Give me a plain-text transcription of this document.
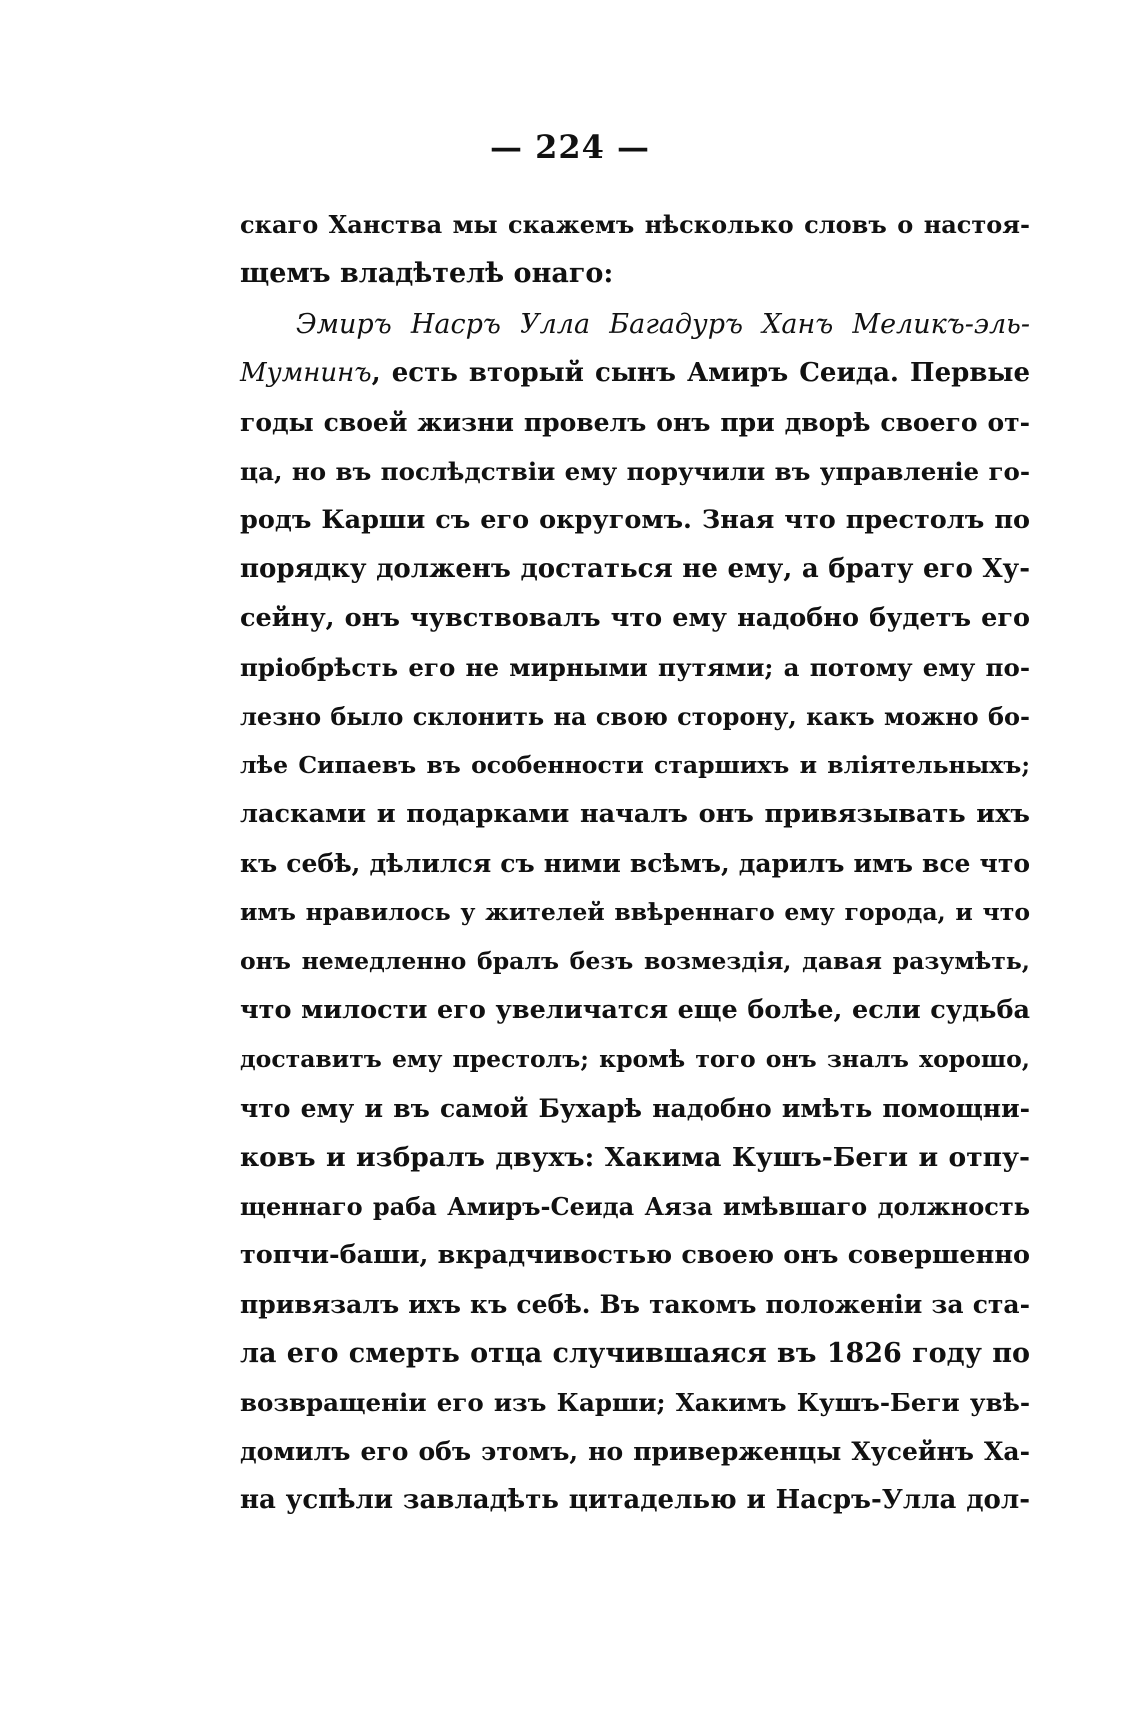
— 224 —
скаго Ханства мы скажемъ нѣсколько словъ о настоя-
щемъ владѣтелѣ онаго:
Эмиръ Насръ Улла Багадуръ Ханъ Меликъ-эль-
Мумнинъ, есть вторый сынъ Амиръ Сеида. Первые
годы своей жизни провелъ онъ при дворѣ своего от-
ца, но въ послѣдствіи ему поручили въ управленіе го-
родъ Карши съ его округомъ. Зная что престолъ по
порядку долженъ достаться не ему, а брату его Ху-
сейну, онъ чувствовалъ что ему надобно будетъ его
пріобрѣсть его не мирными путями; а потому ему по-
лезно было склонить на свою сторону, какъ можно бо-
лѣе Сипаевъ въ особенности старшихъ и вліятельныхъ;
ласками и подарками началъ онъ привязывать ихъ
къ себѣ, дѣлился съ ними всѣмъ, дарилъ имъ все что
имъ нравилось у жителей ввѣреннаго ему города, и что
онъ немедленно бралъ безъ возмездія, давая разумѣть,
что милости его увеличатся еще болѣе, если судьба
доставитъ ему престолъ; кромѣ того онъ зналъ хорошо,
что ему и въ самой Бухарѣ надобно имѣть помощни-
ковъ и избралъ двухъ: Хакима Кушъ-Беги и отпу-
щеннаго раба Амиръ-Сеида Аяза имѣвшаго должность
топчи-баши, вкрадчивостью своею онъ совершенно
привязалъ ихъ къ себѣ. Въ такомъ положеніи за ста-
ла его смерть отца случившаяся въ 1826 году по
возвращеніи его изъ Карши; Хакимъ Кушъ-Беги увѣ-
домилъ его объ этомъ, но приверженцы Хусейнъ Ха-
на успѣли завладѣть цитаделью и Насръ-Улла дол-
